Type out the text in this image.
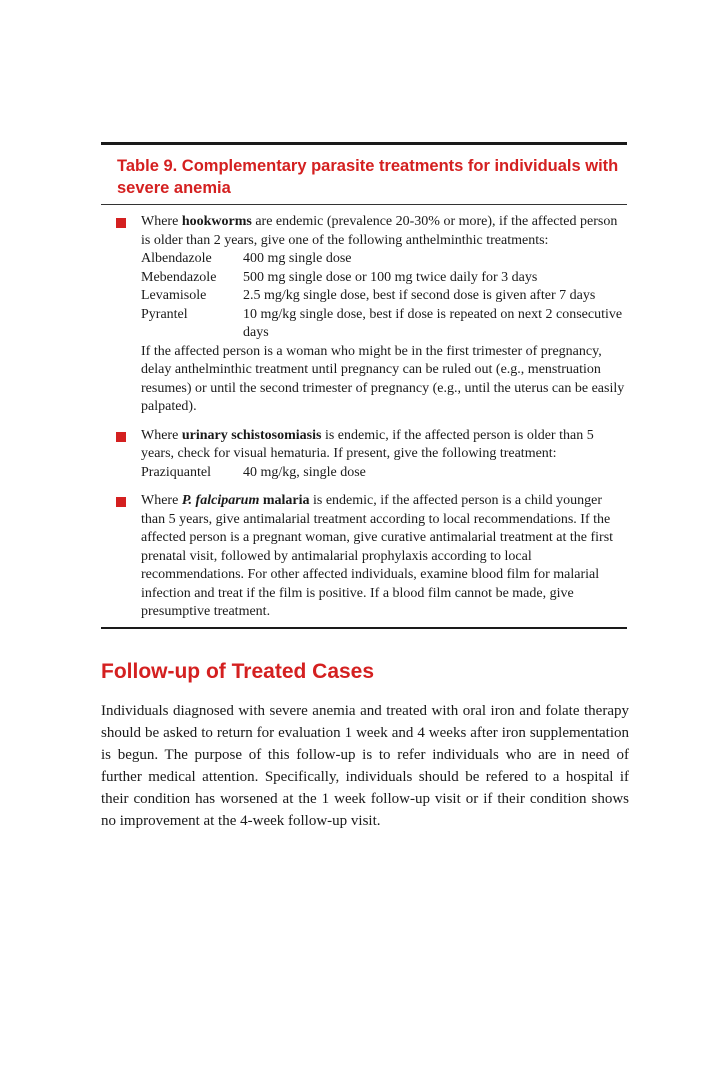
Table 9. Complementary parasite treatments for individuals with severe anemia
Where hookworms are endemic (prevalence 20-30% or more), if the affected person is older than 2 years, give one of the following anthelminthic treatments:
Albendazole	400 mg single dose
Mebendazole	500 mg single dose or 100 mg twice daily for 3 days
Levamisole	2.5 mg/kg single dose, best if second dose is given after 7 days
Pyrantel	10 mg/kg single dose, best if dose is repeated on next 2 consecutive days
If the affected person is a woman who might be in the first trimester of pregnancy, delay anthelminthic treatment until pregnancy can be ruled out (e.g., menstruation resumes) or until the second trimester of pregnancy (e.g., until the uterus can be easily palpated).
Where urinary schistosomiasis is endemic, if the affected person is older than 5 years, check for visual hematuria. If present, give the following treatment:
Praziquantel	40 mg/kg, single dose
Where P. falciparum malaria is endemic, if the affected person is a child younger than 5 years, give antimalarial treatment according to local recommendations. If the affected person is a pregnant woman, give curative antimalarial treatment at the first prenatal visit, followed by antimalarial prophylaxis according to local recommendations. For other affected individuals, examine blood film for malarial infection and treat if the film is positive. If a blood film cannot be made, give presumptive treatment.
Follow-up of Treated Cases

Individuals diagnosed with severe anemia and treated with oral iron and folate therapy should be asked to return for evaluation 1 week and 4 weeks after iron supplementation is begun. The purpose of this follow-up is to refer individuals who are in need of further medical attention. Specifically, individuals should be refered to a hospital if their condition has worsened at the 1 week follow-up visit or if their condition shows no improvement at the 4-week follow-up visit.
